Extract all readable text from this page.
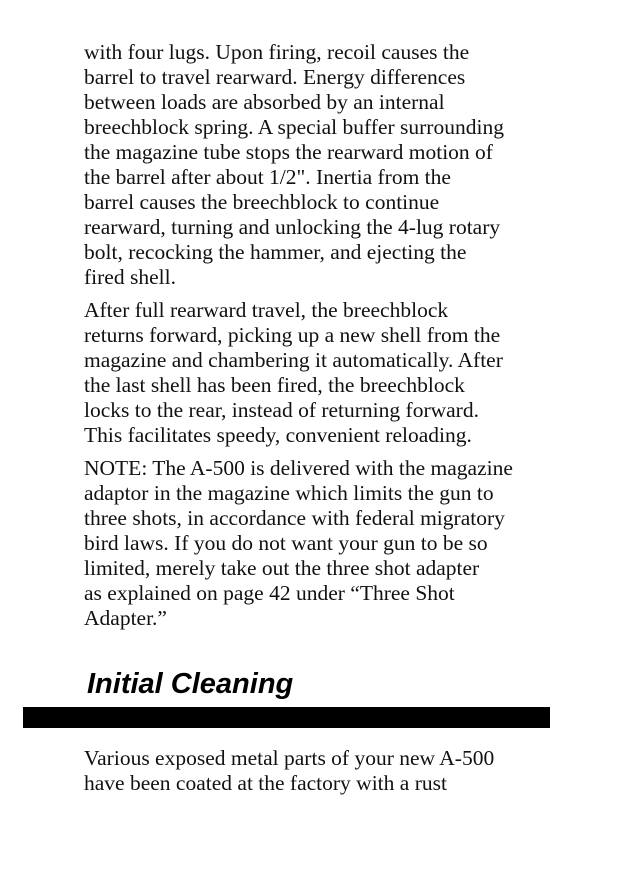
with four lugs. Upon firing, recoil causes the
barrel to travel rearward. Energy differences
between loads are absorbed by an internal
breechblock spring. A special buffer surrounding
the magazine tube stops the rearward motion of
the barrel after about 1/2". Inertia from the
barrel causes the breechblock to continue
rearward, turning and unlocking the 4-lug rotary
bolt, recocking the hammer, and ejecting the
fired shell.
After full rearward travel, the breechblock
returns forward, picking up a new shell from the
magazine and chambering it automatically. After
the last shell has been fired, the breechblock
locks to the rear, instead of returning forward.
This facilitates speedy, convenient reloading.
NOTE: The A-500 is delivered with the magazine
adaptor in the magazine which limits the gun to
three shots, in accordance with federal migratory
bird laws. If you do not want your gun to be so
limited, merely take out the three shot adapter
as explained on page 42 under “Three Shot
Adapter.”
Initial Cleaning
Various exposed metal parts of your new A-500
have been coated at the factory with a rust
